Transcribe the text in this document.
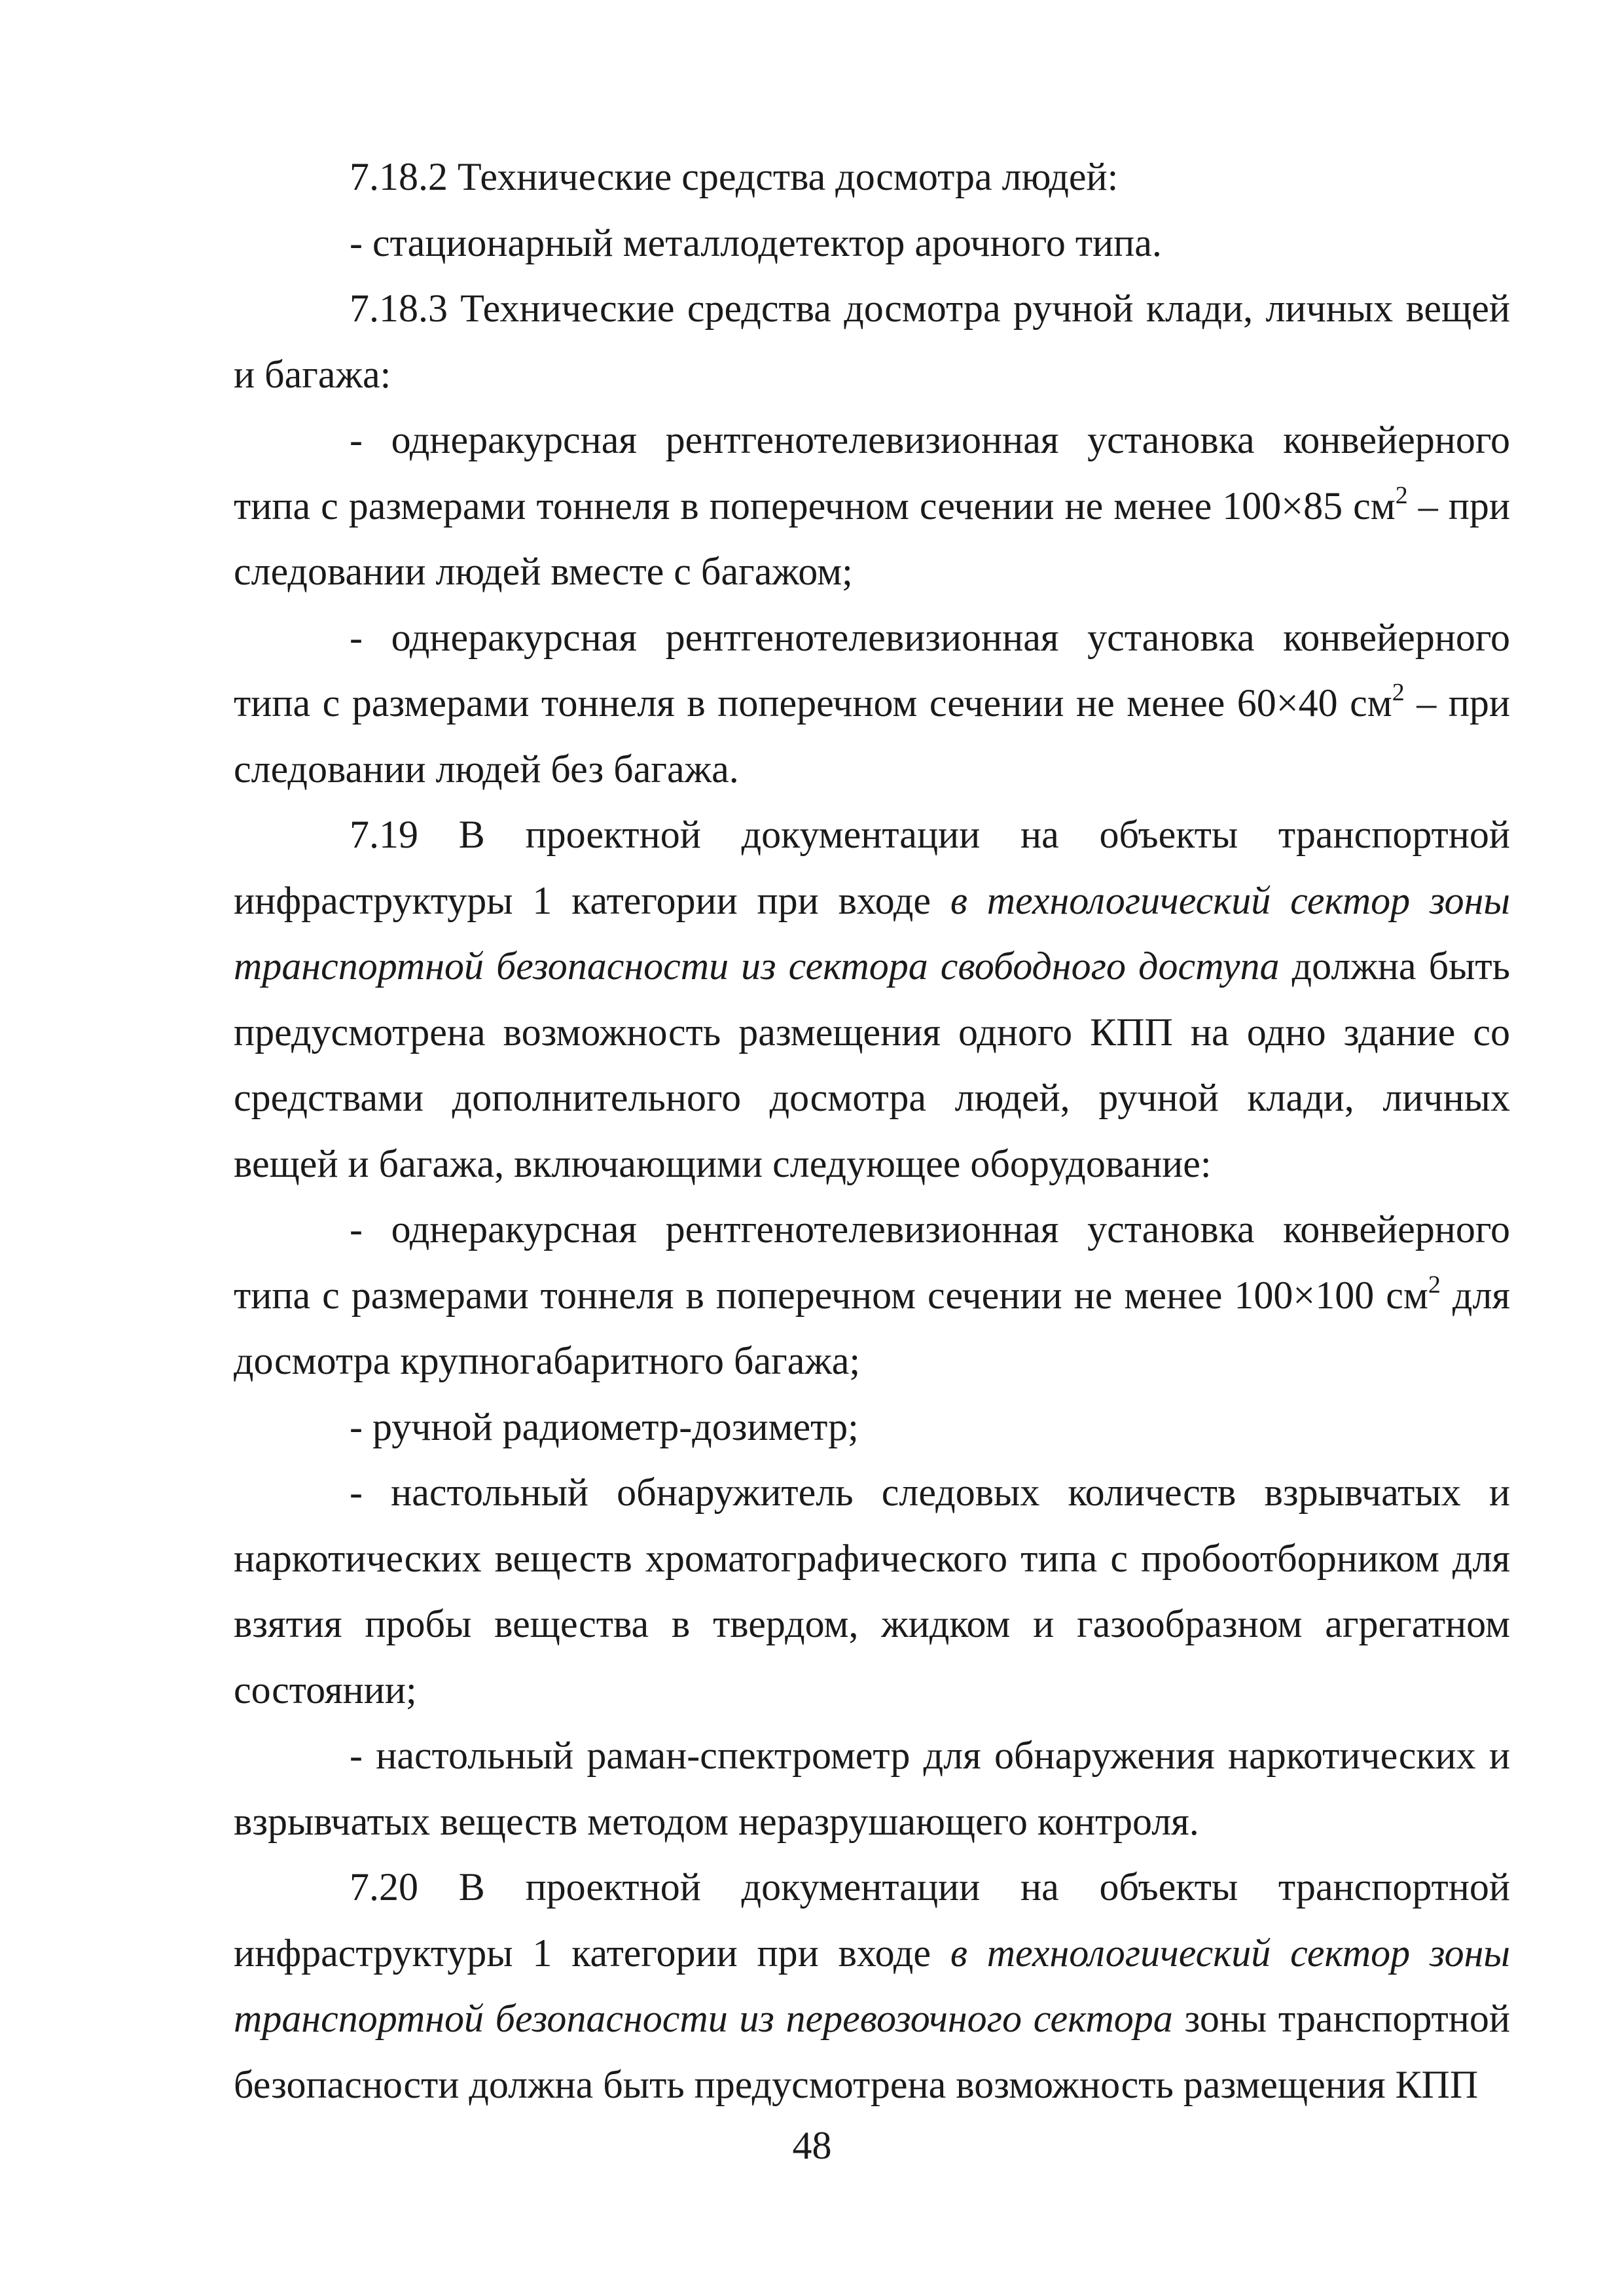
7.18.2 Технические средства досмотра людей:

- стационарный металлодетектор арочного типа.

7.18.3 Технические средства досмотра ручной клади, личных вещей и багажа:

- однеракурсная рентгенотелевизионная установка конвейерного типа с размерами тоннеля в поперечном сечении не менее 100×85 $см^2$ – при следовании людей вместе с багажом;

- однеракурсная рентгенотелевизионная установка конвейерного типа с размерами тоннеля в поперечном сечении не менее 60×40 $см^2$ – при следовании людей без багажа.

7.19 В проектной документации на объекты транспортной инфраструктуры 1 категории при входе в технологический сектор зоны транспортной безопасности из сектора свободного доступа должна быть предусмотрена возможность размещения одного КПП на одно здание со средствами дополнительного досмотра людей, ручной клади, личных вещей и багажа, включающими следующее оборудование:

- однеракурсная рентгенотелевизионная установка конвейерного типа с размерами тоннеля в поперечном сечении не менее 100×100 $см^2$ для досмотра крупногабаритного багажа;

- ручной радиометр-дозиметр;

- настольный обнаружитель следовых количеств взрывчатых и наркотических веществ хроматографического типа с пробоотборником для взятия пробы вещества в твердом, жидком и газообразном агрегатном состоянии;

- настольный раман-спектрометр для обнаружения наркотических и взрывчатых веществ методом неразрушающего контроля.

7.20 В проектной документации на объекты транспортной инфраструктуры 1 категории при входе в технологический сектор зоны транспортной безопасности из перевозочного сектора зоны транспортной безопасности должна быть предусмотрена возможность размещения КПП

48
